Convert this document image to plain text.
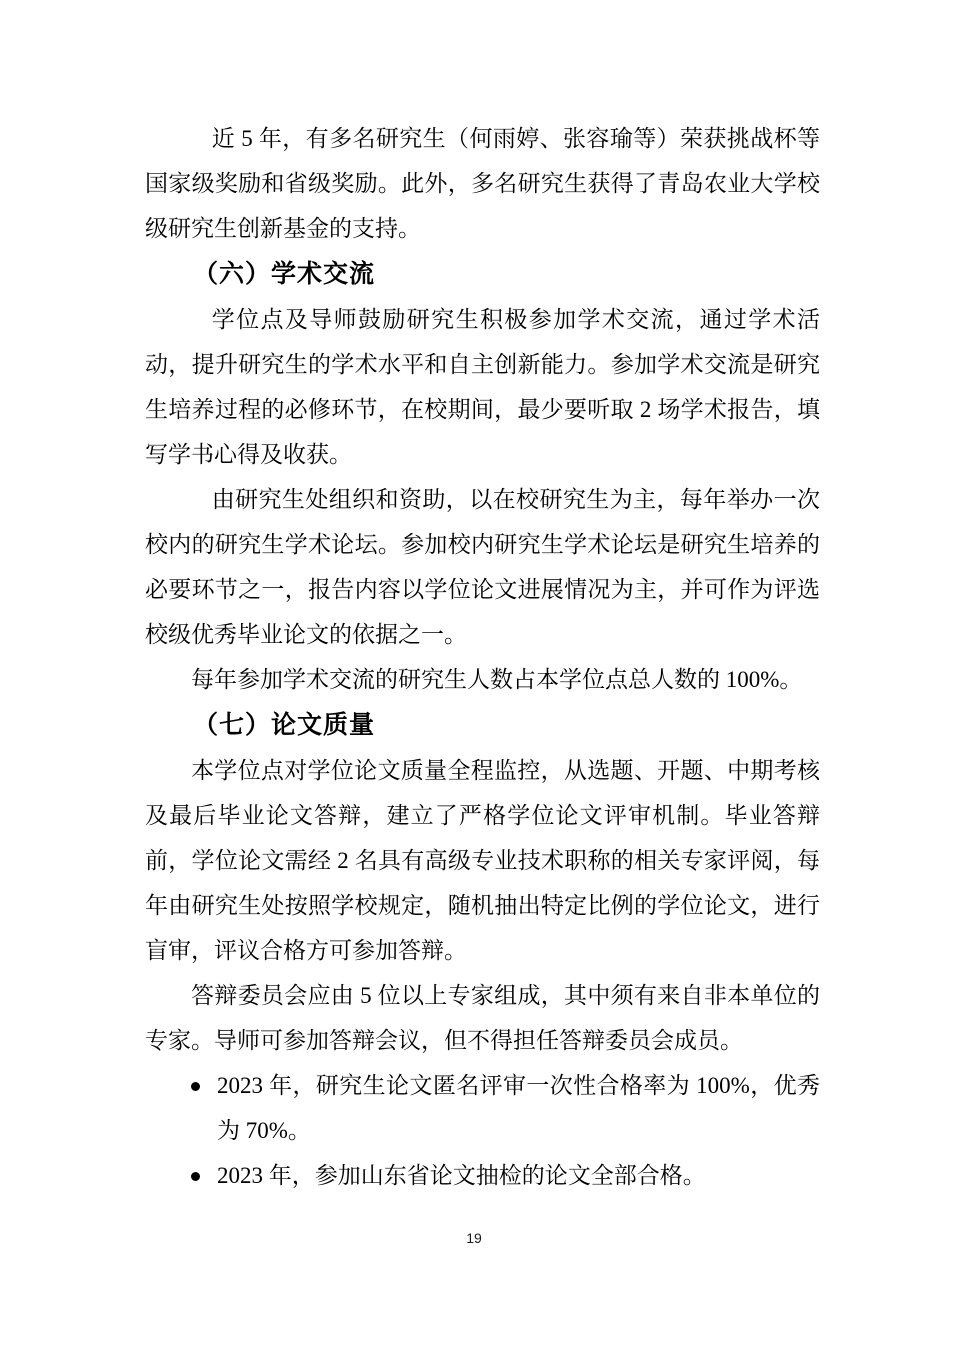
近 5 年，有多名研究生（何雨婷、张容瑜等）荣获挑战杯等国家级奖励和省级奖励。此外，多名研究生获得了青岛农业大学校级研究生创新基金的支持。

（六）学术交流

学位点及导师鼓励研究生积极参加学术交流，通过学术活动，提升研究生的学术水平和自主创新能力。参加学术交流是研究生培养过程的必修环节，在校期间，最少要听取 2 场学术报告，填写学书心得及收获。

由研究生处组织和资助，以在校研究生为主，每年举办一次校内的研究生学术论坛。参加校内研究生学术论坛是研究生培养的必要环节之一，报告内容以学位论文进展情况为主，并可作为评选校级优秀毕业论文的依据之一。

每年参加学术交流的研究生人数占本学位点总人数的 100%。

（七）论文质量

本学位点对学位论文质量全程监控，从选题、开题、中期考核及最后毕业论文答辩，建立了严格学位论文评审机制。毕业答辩前，学位论文需经 2 名具有高级专业技术职称的相关专家评阅，每年由研究生处按照学校规定，随机抽出特定比例的学位论文，进行盲审，评议合格方可参加答辩。

答辩委员会应由 5 位以上专家组成，其中须有来自非本单位的专家。导师可参加答辩会议，但不得担任答辩委员会成员。

2023 年，研究生论文匿名评审一次性合格率为 100%，优秀为 70%。
2023 年，参加山东省论文抽检的论文全部合格。
19
